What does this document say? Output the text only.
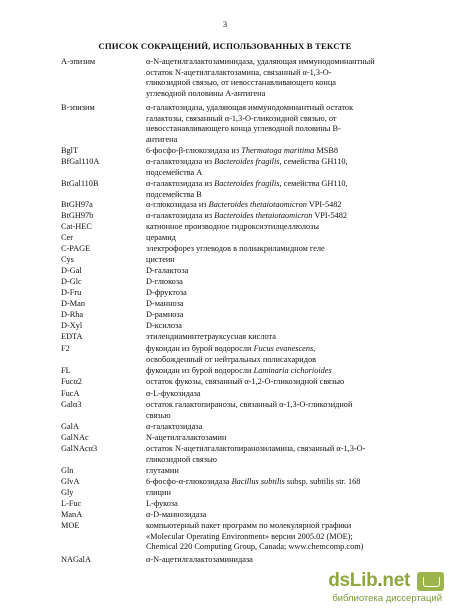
3
СПИСОК СОКРАЩЕНИЙ, ИСПОЛЬЗОВАННЫХ В ТЕКСТЕ
А-эпизим	α-N-ацетилгалактозаминидаза, удаляющая иммунодоминантный
остаток N-ацетилгалактозамина, связанный α-1,3-O-
гликозидной связью, от невосстанавливающего конца
углеводной половины А-антигена
В-эпизим	α-галактозидаза, удаляющая иммунодоминантный остаток
галактозы, связанный α-1,3-O-гликозидной связью, от
невосстанавливающего конца углеводной половины В-
антигена
BglT	6-фосфо-β-глюкозидаза из Thermatoga maritima MSB8
BfGal110A	α-галактозидаза из Bacteroides fragilis, семейства GH110,
подсемейства А
BtGal110B	α-галактозидаза из Bacteroides fragilis, семейства GH110,
подсемейства В
BtGH97a	α-глюкозидаза из Bacteroides thetaiotaomicron VPI-5482
BtGH97b	α-галактозидаза из Bacteroides thetaiotaomicron VPI-5482
Cat-HEC	катионное производное гидроксиэтилцеллюлозы
Cer	церамид
C-PAGE	электрофорез углеводов в полиакриламидном геле
Cys	цистеин
D-Gal	D-галактоза
D-Glc	D-глюкоза
D-Fru	D-фруктоза
D-Man	D-манноза
D-Rha	D-рамноза
D-Xyl	D-ксилоза
EDTA	этилендиаминтетрауксусная кислота
F2	фукоидан из бурой водоросли Fucus evanescens,
освобожденный от нейтральных полисахаридов
FL	фукоидан из бурой водоросли Laminaria cichorioides
Fucα2	остаток фукозы, связанный α-1,2-O-гликозидной связью
FucA	α-L-фукозидаза
Galα3	остаток галактопиранозы, связанный α-1,3-O-гликозидной
связью
GalA	α-галактозидаза
GalNAc	N-ацетилгалактозамин
GalNAcα3	остаток N-ацетилгалактопиранозиламина, связанный α-1,3-O-
гликозидной связью
Gln	глутамин
GlvA	6-фосфо-α-глюкозидаза Bacillus subtilis subsp. subtilis str. 168
Gly	глицин
L-Fuc	L-фукоза
ManA	α-D-маннозидаза
MOE	компьютерный пакет программ по молекулярной графики
«Molecular Operating Environment» версии 2005.02 (MOE);
Chemical 220 Computing Group, Canada; www.chemcomp.com)
NAGalA	α-N-ацетилгалактозаминидаза
dsLib.net
библиотека диссертаций
